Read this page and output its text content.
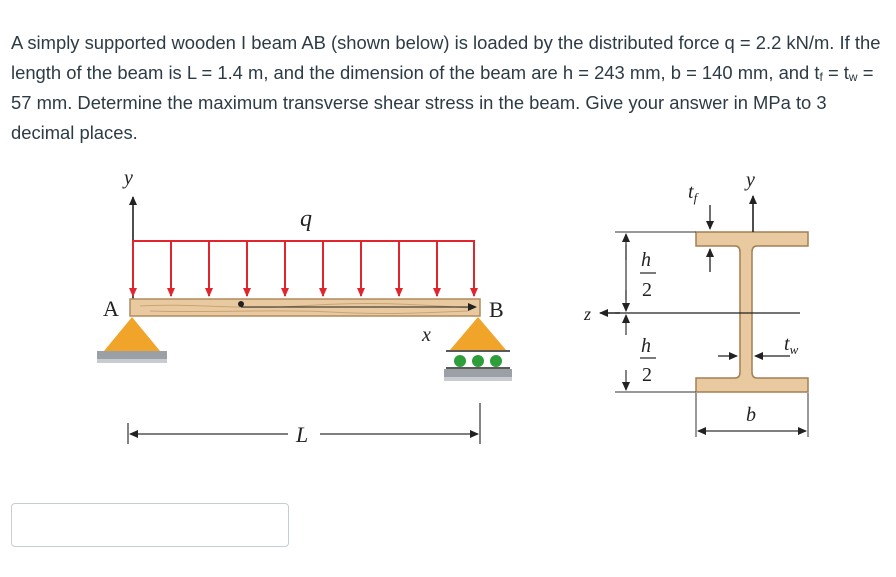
A simply supported wooden I beam AB (shown below) is loaded by the distributed force q = 2.2 kN/m. If the length of the beam is L = 1.4 m, and the dimension of the beam are h = 243 mm, b = 140 mm, and $t_f = t_w = 57$ mm. Determine the maximum transverse shear stress in the beam. Give your answer in MPa to 3 decimal places.
y
q
x
A	B
L
y
z
h
2
h
2
$t_f$
$t_w$
b
